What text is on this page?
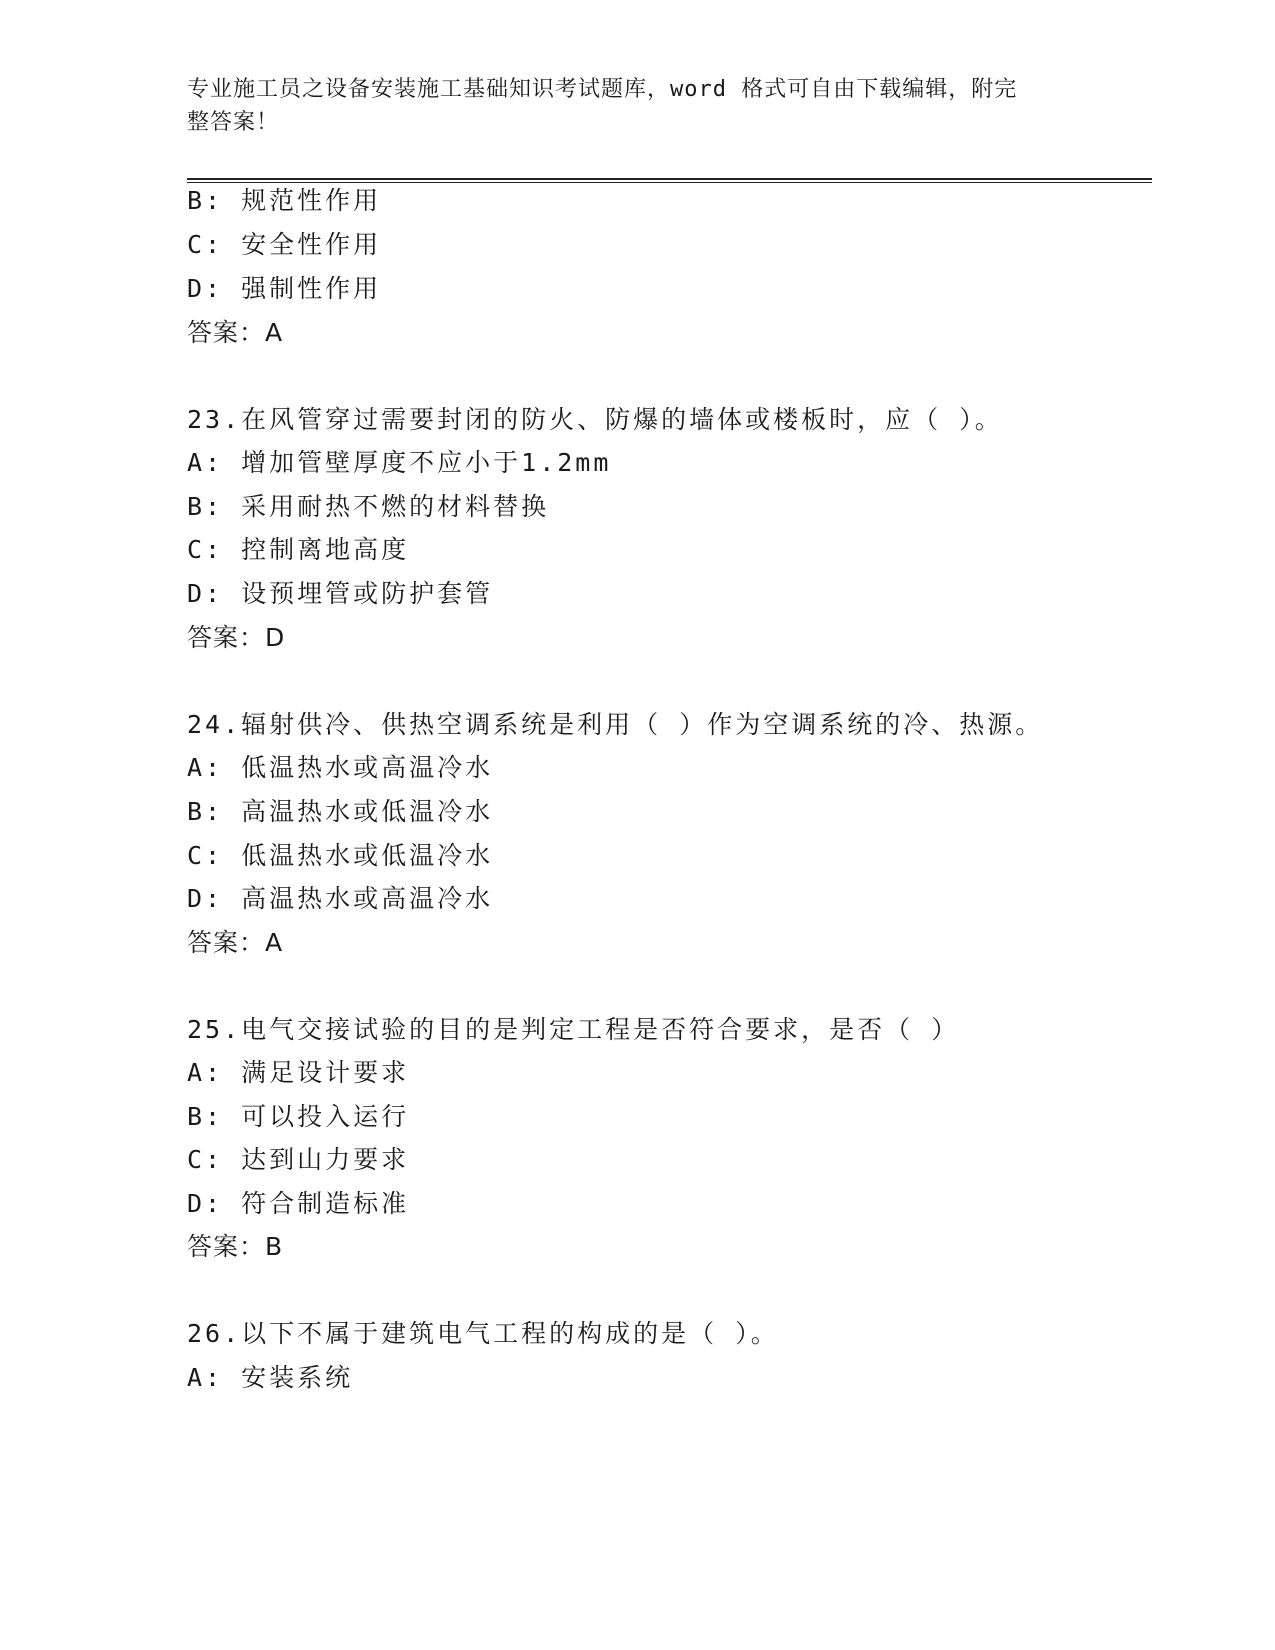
专业施工员之设备安装施工基础知识考试题库，word 格式可自由下载编辑，附完
整答案！
B: 规范性作用
C: 安全性作用
D: 强制性作用
答案：A
23.在风管穿过需要封闭的防火、防爆的墙体或楼板时，应（ ）。
A: 增加管壁厚度不应小于1.2mm
B: 采用耐热不燃的材料替换
C: 控制离地高度
D: 设预埋管或防护套管
答案：D
24.辐射供冷、供热空调系统是利用（ ）作为空调系统的冷、热源。
A: 低温热水或高温冷水
B: 高温热水或低温冷水
C: 低温热水或低温冷水
D: 高温热水或高温冷水
答案：A
25.电气交接试验的目的是判定工程是否符合要求，是否（ ）
A: 满足设计要求
B: 可以投入运行
C: 达到山力要求
D: 符合制造标准
答案：B
26.以下不属于建筑电气工程的构成的是（ ）。
A: 安装系统
